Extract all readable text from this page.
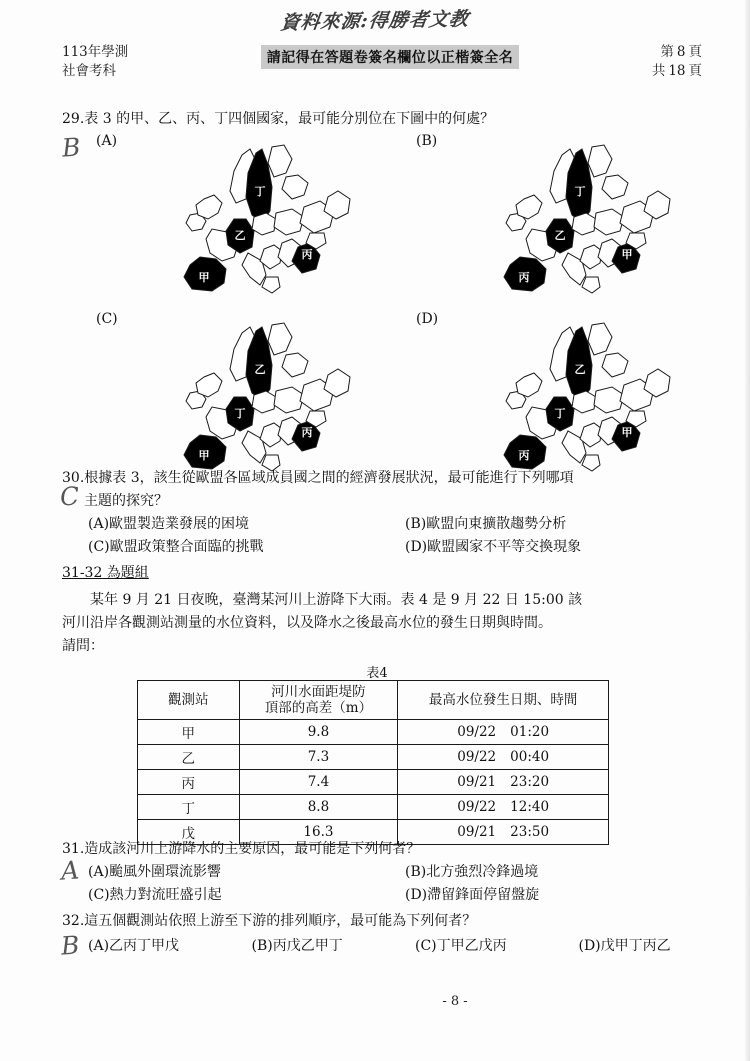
資料來源:得勝者文教
113年學測
社會考科
請記得在答題卷簽名欄位以正楷簽全名	第 8 頁
共 18 頁
29.表 3 的甲、乙、丙、丁四個國家，最可能分別位在下圖中的何處？
B (A)
甲
丁
乙
丙
(B)
丙
丁
乙
甲
(C)
甲
乙
丁
丙
(D)
丙
乙
丁
甲
30.根據表 3，該生從歐盟各區域成員國之間的經濟發展狀況，最可能進行下列哪項
主題的探究？
(A)歐盟製造業發展的困境	(B)歐盟向東擴散趨勢分析
(C)歐盟政策整合面臨的挑戰	(D)歐盟國家不平等交換現象
C
31-32 為題組
某年 9 月 21 日夜晚，臺灣某河川上游降下大雨。表 4 是 9 月 22 日 15:00 該
河川沿岸各觀測站測量的水位資料，以及降水之後最高水位的發生日期與時間。
請問：
表4
觀測站	河川水面距堤防
頂部的高差（m）	最高水位發生日期、時間
甲	9.8	09/22 01:20
乙	7.3	09/22 00:40
丙	7.4	09/21 23:20
丁	8.8	09/22 12:40
戊	16.3	09/21 23:50
31.造成該河川上游降水的主要原因，最可能是下列何者？
(A)颱風外圍環流影響	(B)北方強烈冷鋒過境
(C)熱力對流旺盛引起	(D)滯留鋒面停留盤旋
A
32.這五個觀測站依照上游至下游的排列順序，最可能為下列何者？
(A)乙丙丁甲戊	(B)丙戊乙甲丁	(C)丁甲乙戊丙	(D)戊甲丁丙乙
B
- 8 -
